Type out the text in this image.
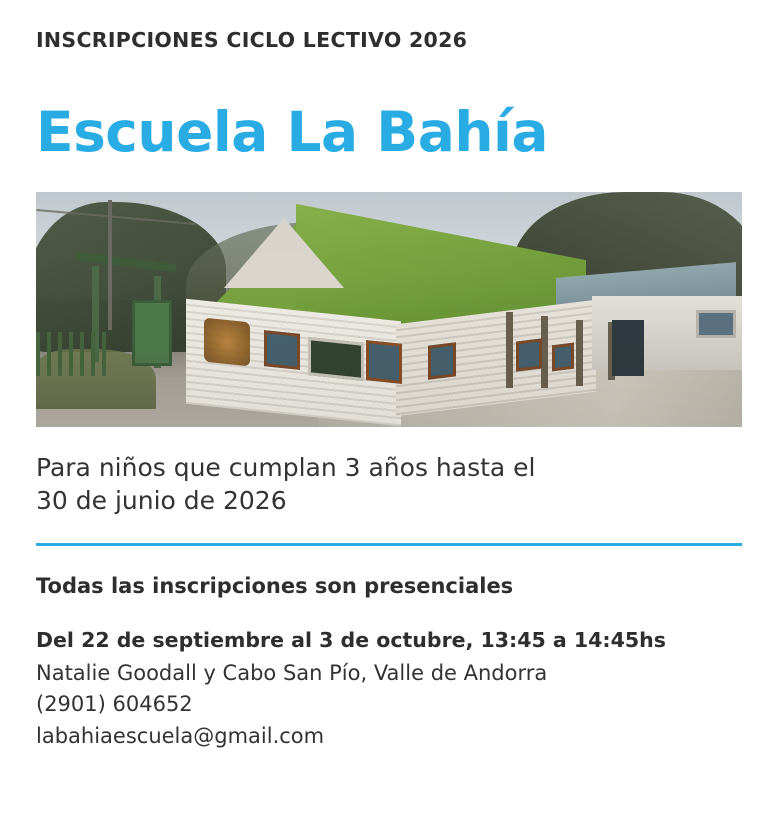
INSCRIPCIONES CICLO LECTIVO 2026
Escuela La Bahía
Para niños que cumplan 3 años hasta el
30 de junio de 2026
Todas las inscripciones son presenciales
Del 22 de septiembre al 3 de octubre, 13:45 a 14:45hs
Natalie Goodall y Cabo San Pío, Valle de Andorra
(2901) 604652
labahiaescuela@gmail.com
